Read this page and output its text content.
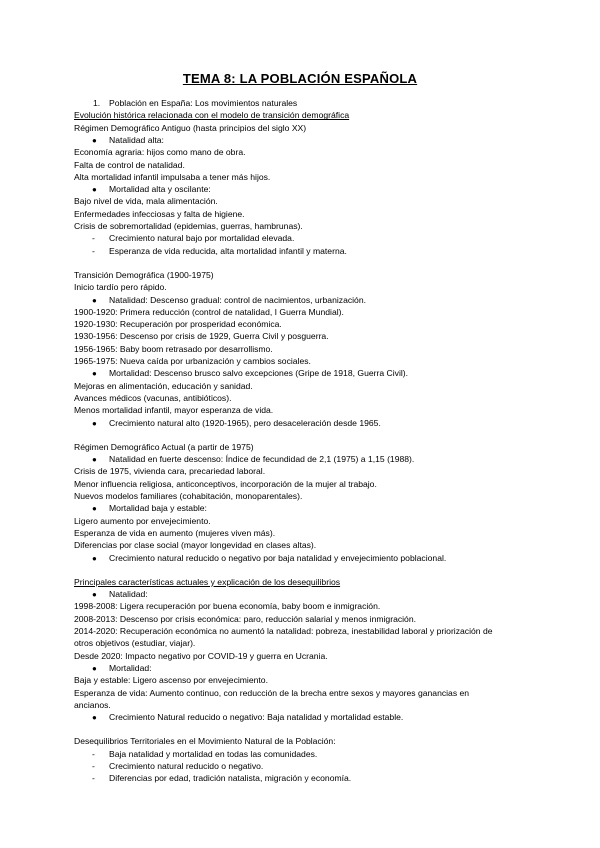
TEMA 8: LA POBLACIÓN ESPAÑOLA
1. Población en España: Los movimientos naturales
Evolución histórica relacionada con el modelo de transición demográfica
Régimen Demográfico Antiguo (hasta principios del siglo XX)
● Natalidad alta:
Economía agraria: hijos como mano de obra.
Falta de control de natalidad.
Alta mortalidad infantil impulsaba a tener más hijos.
● Mortalidad alta y oscilante:
Bajo nivel de vida, mala alimentación.
Enfermedades infecciosas y falta de higiene.
Crisis de sobremortalidad (epidemias, guerras, hambrunas).
- Crecimiento natural bajo por mortalidad elevada.
- Esperanza de vida reducida, alta mortalidad infantil y materna.
Transición Demográfica (1900-1975)
Inicio tardío pero rápido.
● Natalidad: Descenso gradual: control de nacimientos, urbanización.
1900-1920: Primera reducción (control de natalidad, I Guerra Mundial).
1920-1930: Recuperación por prosperidad económica.
1930-1956: Descenso por crisis de 1929, Guerra Civil y posguerra.
1956-1965: Baby boom retrasado por desarrollismo.
1965-1975: Nueva caída por urbanización y cambios sociales.
● Mortalidad: Descenso brusco salvo excepciones (Gripe de 1918, Guerra Civil).
Mejoras en alimentación, educación y sanidad.
Avances médicos (vacunas, antibióticos).
Menos mortalidad infantil, mayor esperanza de vida.
● Crecimiento natural alto (1920-1965), pero desaceleración desde 1965.
Régimen Demográfico Actual (a partir de 1975)
● Natalidad en fuerte descenso: Índice de fecundidad de 2,1 (1975) a 1,15 (1988).
Crisis de 1975, vivienda cara, precariedad laboral.
Menor influencia religiosa, anticonceptivos, incorporación de la mujer al trabajo.
Nuevos modelos familiares (cohabitación, monoparentales).
● Mortalidad baja y estable:
Ligero aumento por envejecimiento.
Esperanza de vida en aumento (mujeres viven más).
Diferencias por clase social (mayor longevidad en clases altas).
● Crecimiento natural reducido o negativo por baja natalidad y envejecimiento poblacional.
Principales características actuales y explicación de los desequilibrios
● Natalidad:
1998-2008: Ligera recuperación por buena economía, baby boom e inmigración.
2008-2013: Descenso por crisis económica: paro, reducción salarial y menos inmigración.
2014-2020: Recuperación económica no aumentó la natalidad: pobreza, inestabilidad laboral y priorización de
otros objetivos (estudiar, viajar).
Desde 2020: Impacto negativo por COVID-19 y guerra en Ucrania.
● Mortalidad:
Baja y estable: Ligero ascenso por envejecimiento.
Esperanza de vida: Aumento continuo, con reducción de la brecha entre sexos y mayores ganancias en
ancianos.
● Crecimiento Natural reducido o negativo: Baja natalidad y mortalidad estable.
Desequilibrios Territoriales en el Movimiento Natural de la Población:
- Baja natalidad y mortalidad en todas las comunidades.
- Crecimiento natural reducido o negativo.
- Diferencias por edad, tradición natalista, migración y economía.
